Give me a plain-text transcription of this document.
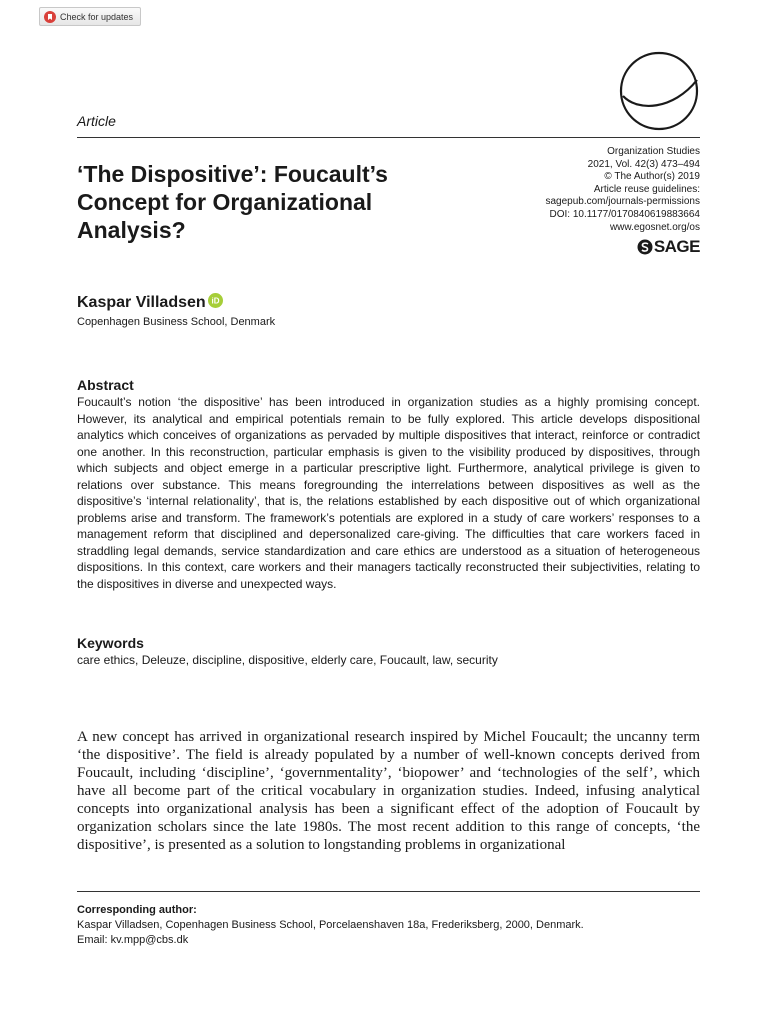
Check for updates
Article
‘The Dispositive’: Foucault’s Concept for Organizational Analysis?
Organization Studies
2021, Vol. 42(3) 473–494
© The Author(s) 2019
Article reuse guidelines:
sagepub.com/journals-permissions
DOI: 10.1177/0170840619883664
www.egosnet.org/os
SAGE
Kaspar Villadsen iD
Copenhagen Business School, Denmark
Abstract

Foucault’s notion ‘the dispositive’ has been introduced in organization studies as a highly promising concept. However, its analytical and empirical potentials remain to be fully explored. This article develops dispositional analytics which conceives of organizations as pervaded by multiple dispositives that interact, reinforce or contradict one another. In this reconstruction, particular emphasis is given to the visibility produced by dispositives, through which subjects and object emerge in a particular prescriptive light. Furthermore, analytical privilege is given to relations over substance. This means foregrounding the interrelations between dispositives as well as the dispositive’s ‘internal relationality’, that is, the relations established by each dispositive out of which organizational problems arise and transform. The framework’s potentials are explored in a study of care workers’ responses to a management reform that disciplined and depersonalized care-giving. The difficulties that care workers faced in straddling legal demands, service standardization and care ethics are understood as a situation of heterogeneous dispositions. In this context, care workers and their managers tactically reconstructed their subjectivities, relating to the dispositives in diverse and unexpected ways.

Keywords
care ethics, Deleuze, discipline, dispositive, elderly care, Foucault, law, security

A new concept has arrived in organizational research inspired by Michel Foucault; the uncanny term ‘the dispositive’. The field is already populated by a number of well-known concepts derived from Foucault, including ‘discipline’, ‘governmentality’, ‘biopower’ and ‘technologies of the self’, which have all become part of the critical vocabulary in organization studies. Indeed, infusing analytical concepts into organizational analysis has been a significant effect of the adoption of Foucault by organization scholars since the late 1980s. The most recent addition to this range of concepts, ‘the dispositive’, is presented as a solution to longstanding problems in organizational

Corresponding author:
Kaspar Villadsen, Copenhagen Business School, Porcelaenshaven 18a, Frederiksberg, 2000, Denmark.
Email: kv.mpp@cbs.dk
